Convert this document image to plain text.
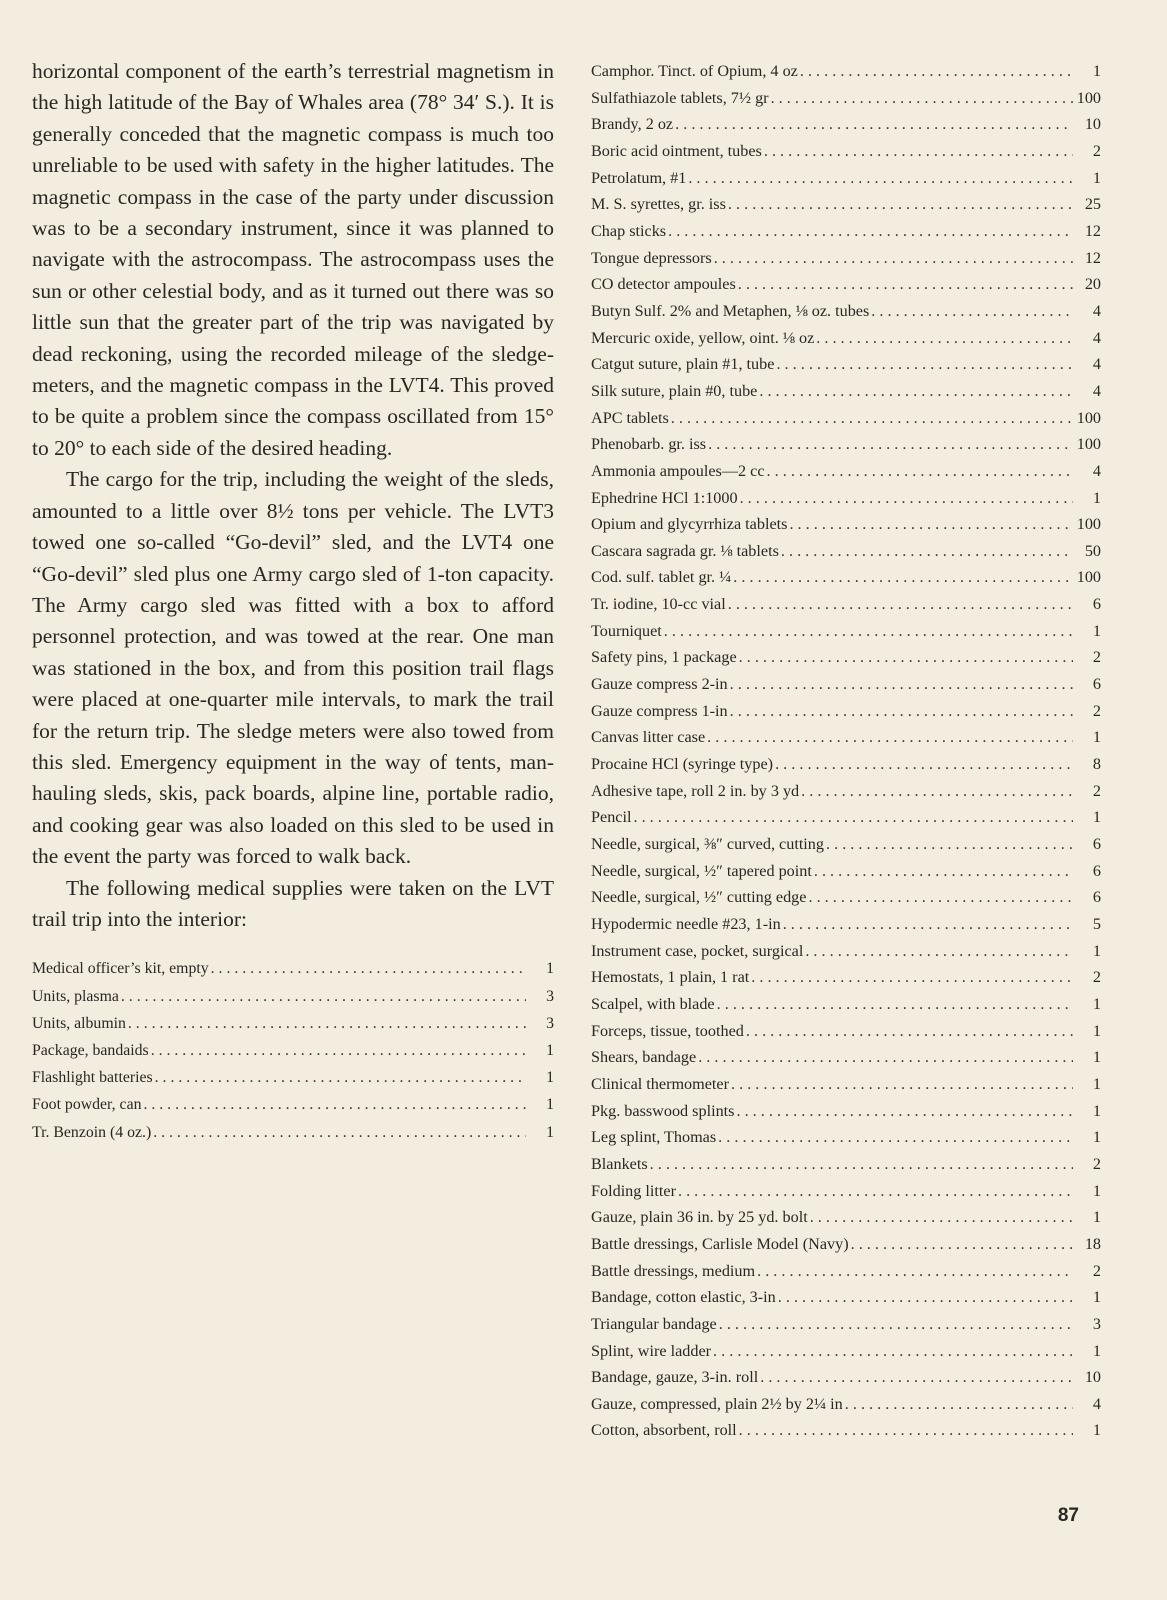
horizontal component of the earth’s terrestrial magnetism in the high latitude of the Bay of Whales area (78° 34′ S.). It is generally conceded that the magnetic compass is much too unreliable to be used with safety in the higher latitudes. The magnetic compass in the case of the party under discussion was to be a secondary instrument, since it was planned to navigate with the astrocompass. The astrocompass uses the sun or other celestial body, and as it turned out there was so little sun that the greater part of the trip was navigated by dead reckoning, using the recorded mileage of the sledge-meters, and the magnetic compass in the LVT4. This proved to be quite a problem since the compass oscillated from 15° to 20° to each side of the desired heading.

The cargo for the trip, including the weight of the sleds, amounted to a little over 8½ tons per vehicle. The LVT3 towed one so-called “Go-devil” sled, and the LVT4 one “Go-devil” sled plus one Army cargo sled of 1-ton capacity. The Army cargo sled was fitted with a box to afford personnel protection, and was towed at the rear. One man was stationed in the box, and from this position trail flags were placed at one-quarter mile intervals, to mark the trail for the return trip. The sledge meters were also towed from this sled. Emergency equipment in the way of tents, man-hauling sleds, skis, pack boards, alpine line, portable radio, and cooking gear was also loaded on this sled to be used in the event the party was forced to walk back.

The following medical supplies were taken on the LVT trail trip into the interior:

Medical officer’s kit, empty . . .	1
Units, plasma . . .	3
Units, albumin . . .	3
Package, bandaids . . .	1
Flashlight batteries . . .	1
Foot powder, can . . .	1
Tr. Benzoin (4 oz.) . . .	1
Camphor. Tinct. of Opium, 4 oz . . .	1
Sulfathiazole tablets, 7½ gr . . .	100
Brandy, 2 oz . . .	10
Boric acid ointment, tubes . . .	2
Petrolatum, #1 . . .	1
M. S. syrettes, gr. iss . . .	25
Chap sticks . . .	12
Tongue depressors . . .	12
CO detector ampoules . . .	20
Butyn Sulf. 2% and Metaphen, ⅛ oz. tubes . . .	4
Mercuric oxide, yellow, oint. ⅛ oz . . .	4
Catgut suture, plain #1, tube . . .	4
Silk suture, plain #0, tube . . .	4
APC tablets . . .	100
Phenobarb. gr. iss . . .	100
Ammonia ampoules—2 cc . . .	4
Ephedrine HCl 1:1000 . . .	1
Opium and glycyrrhiza tablets . . .	100
Cascara sagrada gr. ⅛ tablets . . .	50
Cod. sulf. tablet gr. ¼ . . .	100
Tr. iodine, 10-cc vial . . .	6
Tourniquet . . .	1
Safety pins, 1 package . . .	2
Gauze compress 2-in . . .	6
Gauze compress 1-in . . .	2
Canvas litter case . . .	1
Procaine HCl (syringe type) . . .	8
Adhesive tape, roll 2 in. by 3 yd . . .	2
Pencil . . .	1
Needle, surgical, ⅜″ curved, cutting . . .	6
Needle, surgical, ½″ tapered point . . .	6
Needle, surgical, ½″ cutting edge . . .	6
Hypodermic needle #23, 1-in . . .	5
Instrument case, pocket, surgical . . .	1
Hemostats, 1 plain, 1 rat . . .	2
Scalpel, with blade . . .	1
Forceps, tissue, toothed . . .	1
Shears, bandage . . .	1
Clinical thermometer . . .	1
Pkg. basswood splints . . .	1
Leg splint, Thomas . . .	1
Blankets . . .	2
Folding litter . . .	1
Gauze, plain 36 in. by 25 yd. bolt . . .	1
Battle dressings, Carlisle Model (Navy) . . .	18
Battle dressings, medium . . .	2
Bandage, cotton elastic, 3-in . . .	1
Triangular bandage . . .	3
Splint, wire ladder . . .	1
Bandage, gauze, 3-in. roll . . .	10
Gauze, compressed, plain 2½ by 2¼ in . . .	4
Cotton, absorbent, roll . . .	1
87
